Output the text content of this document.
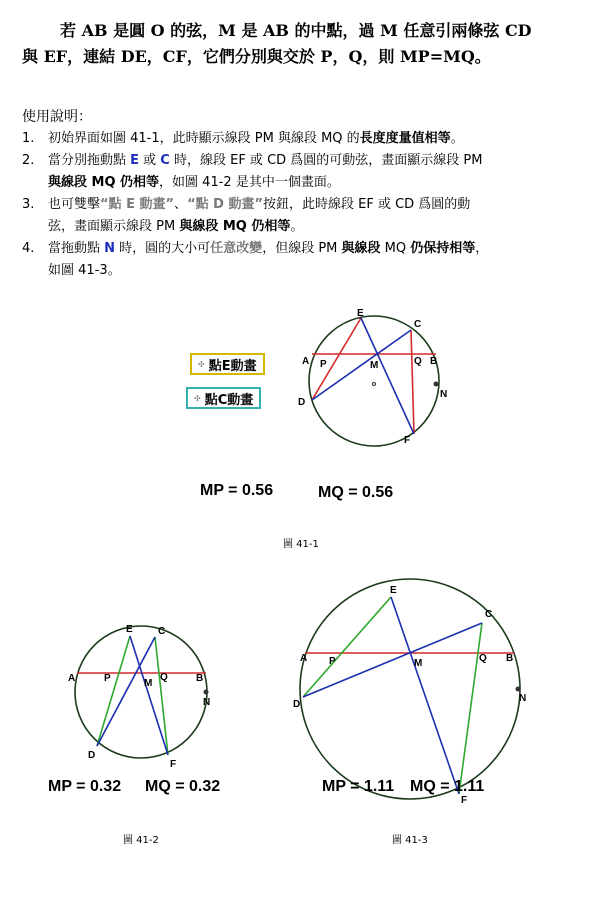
若 AB 是圓 O 的弦，M 是 AB 的中點，過 M 任意引兩條弦 CD
與 EF，連結 DE，CF，它們分別與交於 P，Q，則 MP=MQ。
使用說明：
1. 初始界面如圖 41-1，此時顯示線段 PM 與線段 MQ 的長度度量值相等。
2. 當分別拖動點 E 或 C 時，線段 EF 或 CD 爲圓的可動弦，畫面顯示線段 PM
與線段 MQ 仍相等，如圖 41-2 是其中一個畫面。
3. 也可雙擊“點 E 動畫”、“點 D 動畫”按鈕，此時線段 EF 或 CD 爲圓的動
弦，畫面顯示線段 PM 與線段 MQ 仍相等。
4. 當拖動點 N 時，圓的大小可任意改變，但線段 PM 與線段 MQ 仍保持相等，
如圖 41-3。
✣ 點E動畫
✣ 點C動畫
E
C
A P	M	Q B
N
D
F
MP = 0.56	MQ = 0.56
圖 41-1
E	C
A	P	M
Q	B
N
D
F
MP = 0.32 MQ = 0.32
圖 41-2
E
C
A P	M	Q B
N
D
F
MP = 1.11 MQ = 1.11
圖 41-3
